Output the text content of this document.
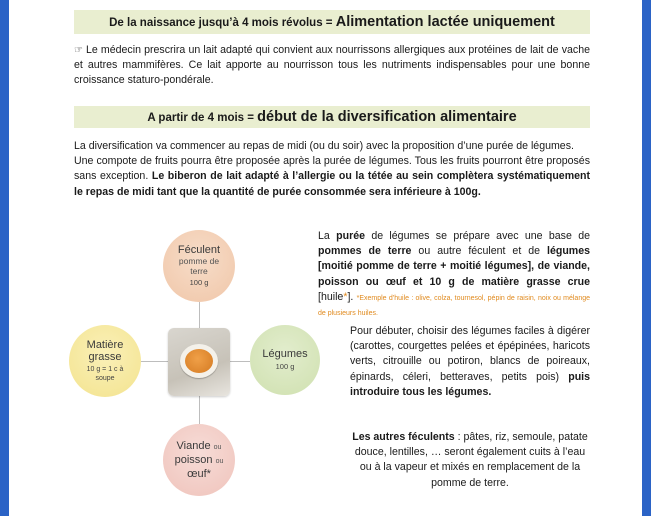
De la naissance jusqu’à 4 mois révolus = Alimentation lactée uniquement
☞ Le médecin prescrira un lait adapté qui convient aux nourrissons allergiques aux protéines de lait de vache et autres mammifères. Ce lait apporte au nourrisson tous les nutriments indispensables pour une bonne croissance staturo-pondérale.
A partir de 4 mois = début de la diversification alimentaire
La diversification va commencer au repas de midi (ou du soir) avec la proposition d’une purée de légumes.
Une compote de fruits pourra être proposée après la purée de légumes. Tous les fruits pourront être proposés sans exception. Le biberon de lait adapté à l’allergie ou la tétée au sein complètera systématiquement le repas de midi tant que la quantité de purée consommée sera inférieure à 100g.
Féculent
pomme de terre
100 g
Matière grasse
10 g = 1 c à soupe
Légumes
100 g
Viande ou
poisson ou
œuf*
La purée de légumes se prépare avec une base de pommes de terre ou autre féculent et de légumes [moitié pomme de terre + moitié légumes], de viande, poisson ou œuf et 10 g de matière grasse crue [huile*]. *Exemple d’huile : olive, colza, tournesol, pépin de raisin, noix ou mélange de plusieurs huiles.
Pour débuter, choisir des légumes faciles à digérer (carottes, courgettes pelées et épépinées, haricots verts, citrouille ou potiron, blancs de poireaux, épinards, céleri, betteraves, petits pois) puis introduire tous les légumes.
Les autres féculents : pâtes, riz, semoule, patate douce, lentilles, … seront également cuits à l’eau ou à la vapeur et mixés en remplacement de la pomme de terre.
